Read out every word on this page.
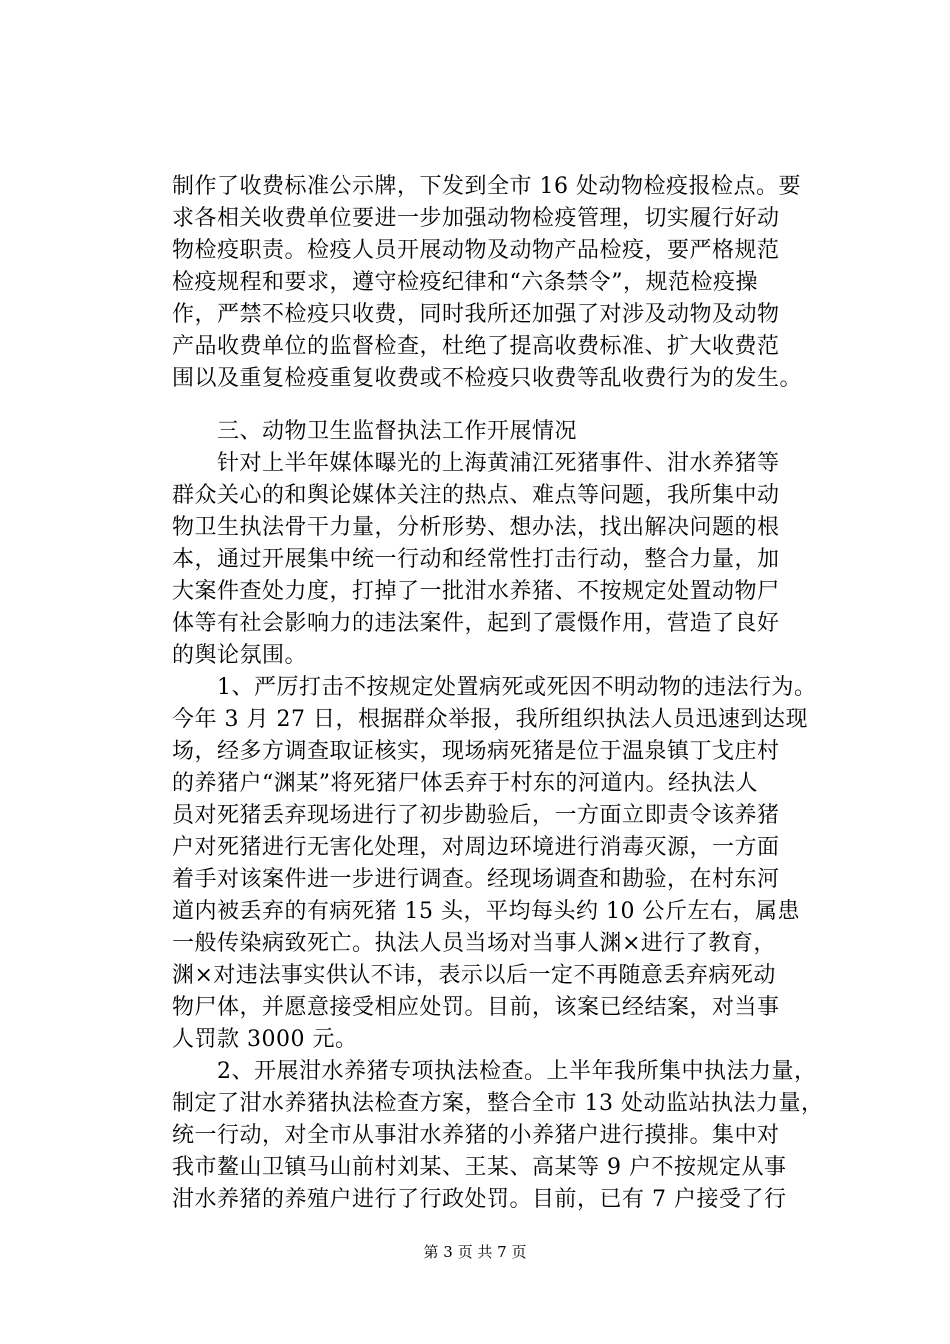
制作了收费标准公示牌，下发到全市 16 处动物检疫报检点。要
求各相关收费单位要进一步加强动物检疫管理，切实履行好动
物检疫职责。检疫人员开展动物及动物产品检疫，要严格规范
检疫规程和要求，遵守检疫纪律和“六条禁令”，规范检疫操
作，严禁不检疫只收费，同时我所还加强了对涉及动物及动物
产品收费单位的监督检查，杜绝了提高收费标准、扩大收费范
围以及重复检疫重复收费或不检疫只收费等乱收费行为的发生。
　　三、动物卫生监督执法工作开展情况
　　针对上半年媒体曝光的上海黄浦江死猪事件、泔水养猪等
群众关心的和舆论媒体关注的热点、难点等问题，我所集中动
物卫生执法骨干力量，分析形势、想办法，找出解决问题的根
本，通过开展集中统一行动和经常性打击行动，整合力量，加
大案件查处力度，打掉了一批泔水养猪、不按规定处置动物尸
体等有社会影响力的违法案件，起到了震慑作用，营造了良好
的舆论氛围。
　　1、严厉打击不按规定处置病死或死因不明动物的违法行为。
今年 3 月 27 日，根据群众举报，我所组织执法人员迅速到达现
场，经多方调查取证核实，现场病死猪是位于温泉镇丁戈庄村
的养猪户“渊某”将死猪尸体丢弃于村东的河道内。经执法人
员对死猪丢弃现场进行了初步勘验后，一方面立即责令该养猪
户对死猪进行无害化处理，对周边环境进行消毒灭源，一方面
着手对该案件进一步进行调查。经现场调查和勘验，在村东河
道内被丢弃的有病死猪 15 头，平均每头约 10 公斤左右，属患
一般传染病致死亡。执法人员当场对当事人渊×进行了教育，
渊×对违法事实供认不讳，表示以后一定不再随意丢弃病死动
物尸体，并愿意接受相应处罚。目前，该案已经结案，对当事
人罚款 3000 元。
　　2、开展泔水养猪专项执法检查。上半年我所集中执法力量，
制定了泔水养猪执法检查方案，整合全市 13 处动监站执法力量，
统一行动，对全市从事泔水养猪的小养猪户进行摸排。集中对
我市鳌山卫镇马山前村刘某、王某、高某等 9 户不按规定从事
泔水养猪的养殖户进行了行政处罚。目前，已有 7 户接受了行
第 3 页 共 7 页
